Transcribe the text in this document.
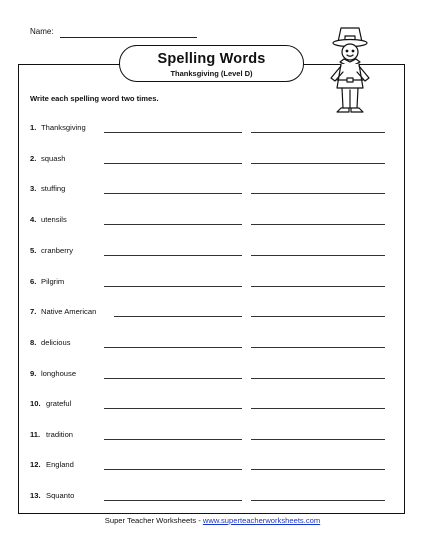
Name:
Spelling Words
Thanksgiving (Level D)
Write each spelling word two times.
1. Thanksgiving
2. squash
3. stuffing
4. utensils
5. cranberry
6. Pilgrim
7. Native American
8. delicious
9. longhouse
10. grateful
11. tradition
12. England
13. Squanto
Super Teacher Worksheets - www.superteacherworksheets.com
